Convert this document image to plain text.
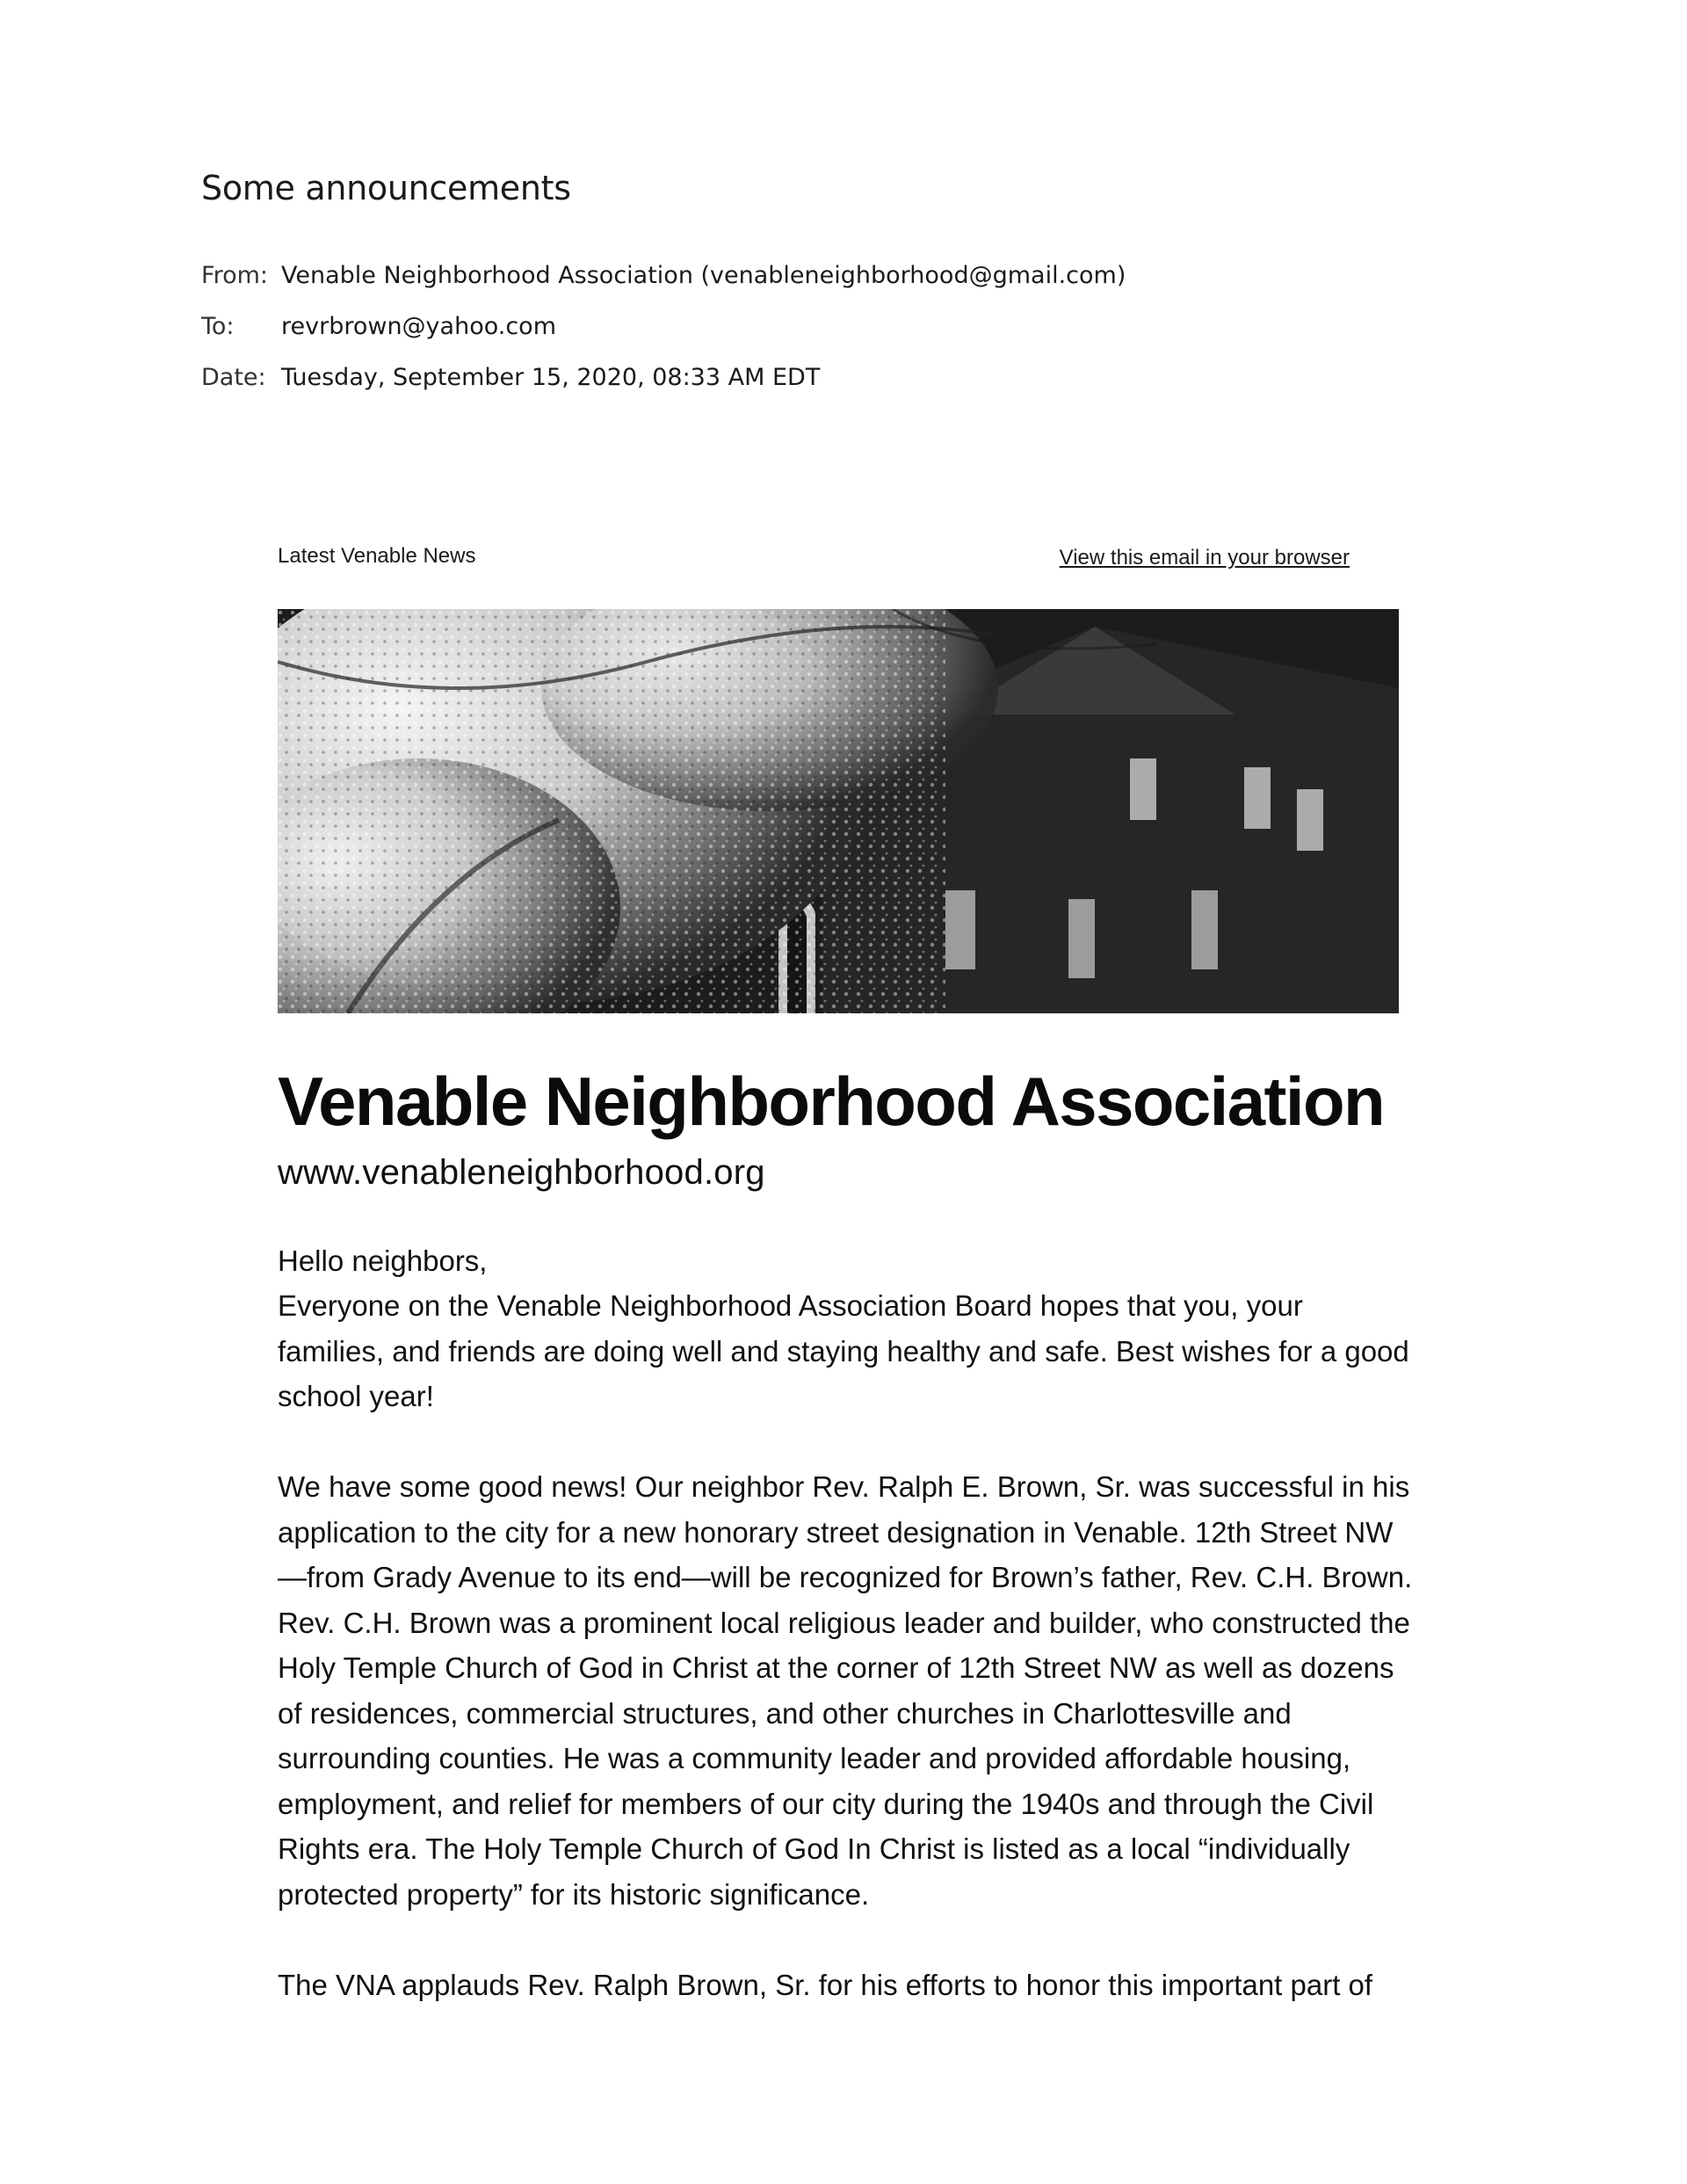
Some announcements
From: Venable Neighborhood Association (venableneighborhood@gmail.com)
To: revrbrown@yahoo.com
Date: Tuesday, September 15, 2020, 08:33 AM EDT
Latest Venable News	View this email in your browser
Venable Neighborhood Association
www.venableneighborhood.org
Hello neighbors,

Everyone on the Venable Neighborhood Association Board hopes that you, your families, and friends are doing well and staying healthy and safe. Best wishes for a good school year!

We have some good news! Our neighbor Rev. Ralph E. Brown, Sr. was successful in his application to the city for a new honorary street designation in Venable. 12th Street NW—from Grady Avenue to its end—will be recognized for Brown’s father, Rev. C.H. Brown. Rev. C.H. Brown was a prominent local religious leader and builder, who constructed the Holy Temple Church of God in Christ at the corner of 12th Street NW as well as dozens of residences, commercial structures, and other churches in Charlottesville and surrounding counties. He was a community leader and provided affordable housing, employment, and relief for members of our city during the 1940s and through the Civil Rights era. The Holy Temple Church of God In Christ is listed as a local “individually protected property” for its historic significance.

The VNA applauds Rev. Ralph Brown, Sr. for his efforts to honor this important part of
